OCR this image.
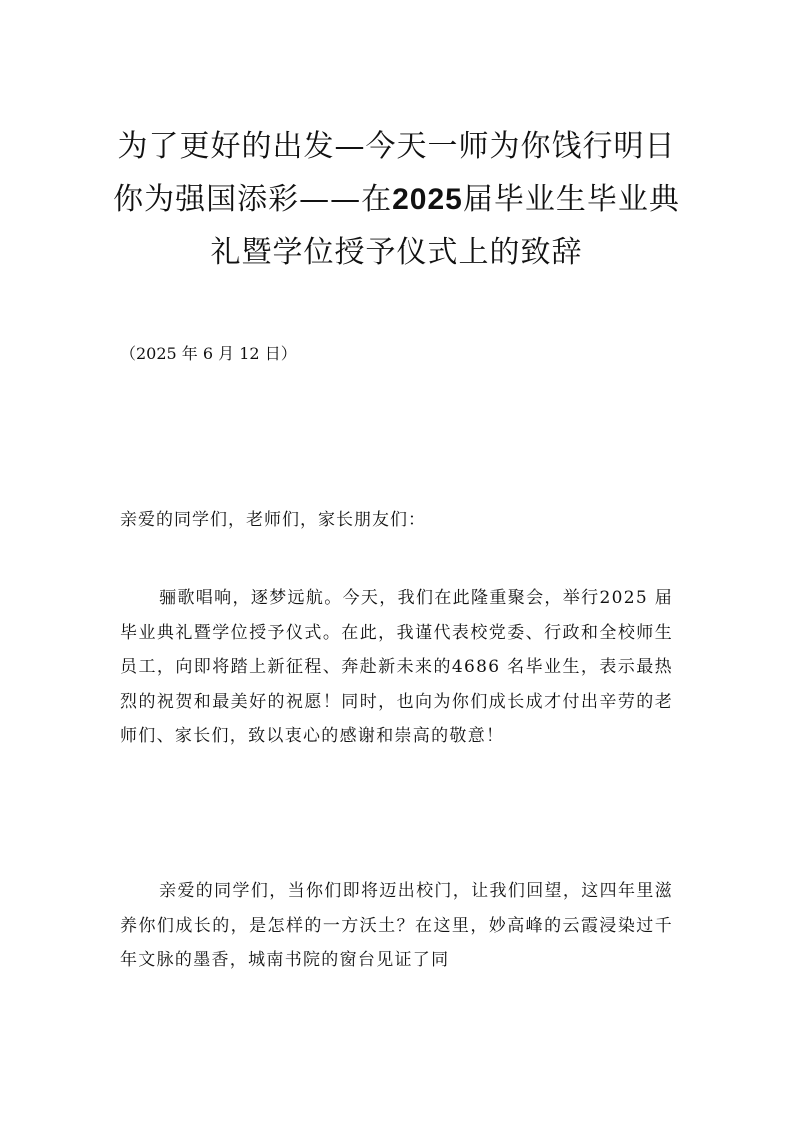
为了更好的出发—今天一师为你饯行明日
你为强国添彩——在2025届毕业生毕业典
礼暨学位授予仪式上的致辞
（2025 年 6 月 12 日）
亲爱的同学们，老师们，家长朋友们：

骊歌唱响，逐梦远航。今天，我们在此隆重聚会，举行2025 届毕业典礼暨学位授予仪式。在此，我谨代表校党委、行政和全校师生员工，向即将踏上新征程、奔赴新未来的4686 名毕业生，表示最热烈的祝贺和最美好的祝愿！同时，也向为你们成长成才付出辛劳的老师们、家长们，致以衷心的感谢和崇高的敬意！

亲爱的同学们，当你们即将迈出校门，让我们回望，这四年里滋养你们成长的，是怎样的一方沃土？在这里，妙高峰的云霞浸染过千年文脉的墨香，城南书院的窗台见证了同
